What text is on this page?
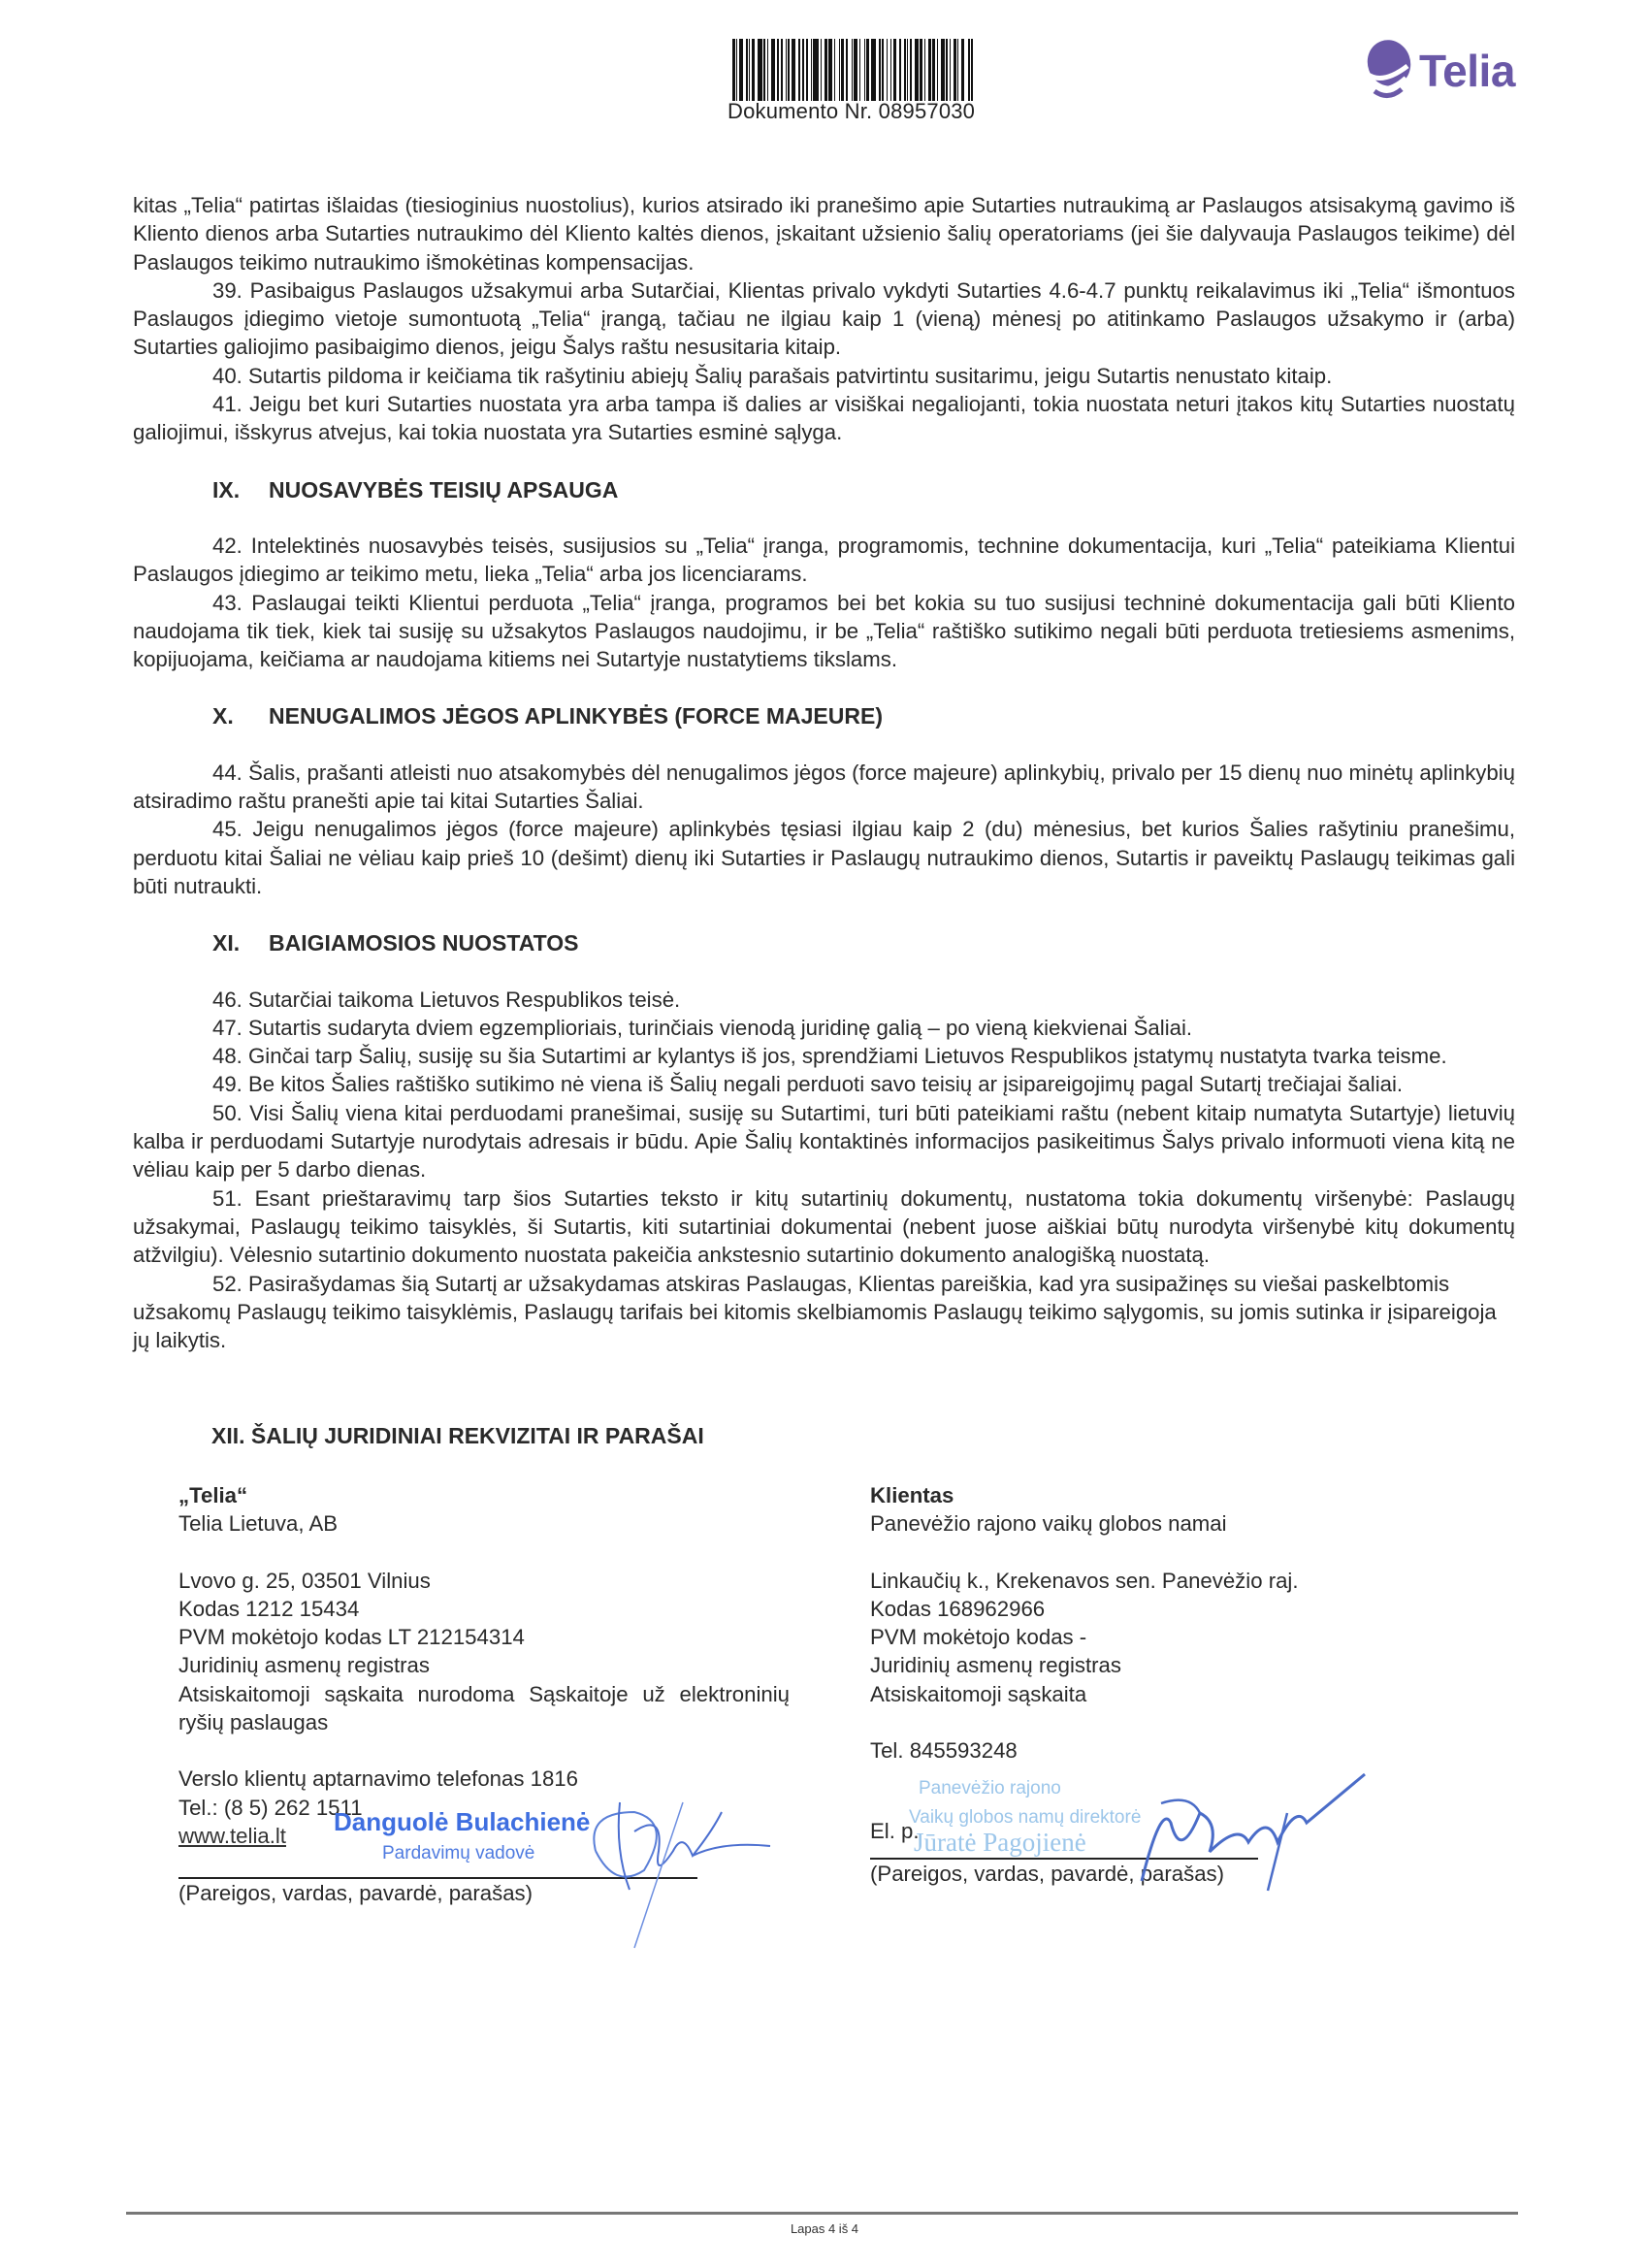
Dokumento Nr. 08957030
Telia

kitas „Telia“ patirtas išlaidas (tiesioginius nuostolius), kurios atsirado iki pranešimo apie Sutarties nutraukimą ar Paslaugos atsisakymą gavimo iš Kliento dienos arba Sutarties nutraukimo dėl Kliento kaltės dienos, įskaitant užsienio šalių operatoriams (jei šie dalyvauja Paslaugos teikime) dėl Paslaugos teikimo nutraukimo išmokėtinas kompensacijas.

39. Pasibaigus Paslaugos užsakymui arba Sutarčiai, Klientas privalo vykdyti Sutarties 4.6-4.7 punktų reikalavimus iki „Telia“ išmontuos Paslaugos įdiegimo vietoje sumontuotą „Telia“ įrangą, tačiau ne ilgiau kaip 1 (vieną) mėnesį po atitinkamo Paslaugos užsakymo ir (arba) Sutarties galiojimo pasibaigimo dienos, jeigu Šalys raštu nesusitaria kitaip.

40. Sutartis pildoma ir keičiama tik rašytiniu abiejų Šalių parašais patvirtintu susitarimu, jeigu Sutartis nenustato kitaip.

41. Jeigu bet kuri Sutarties nuostata yra arba tampa iš dalies ar visiškai negaliojanti, tokia nuostata neturi įtakos kitų Sutarties nuostatų galiojimui, išskyrus atvejus, kai tokia nuostata yra Sutarties esminė sąlyga.

IX. NUOSAVYBĖS TEISIŲ APSAUGA

42. Intelektinės nuosavybės teisės, susijusios su „Telia“ įranga, programomis, technine dokumentacija, kuri „Telia“ pateikiama Klientui Paslaugos įdiegimo ar teikimo metu, lieka „Telia“ arba jos licenciarams.

43. Paslaugai teikti Klientui perduota „Telia“ įranga, programos bei bet kokia su tuo susijusi techninė dokumentacija gali būti Kliento naudojama tik tiek, kiek tai susiję su užsakytos Paslaugos naudojimu, ir be „Telia“ raštiško sutikimo negali būti perduota tretiesiems asmenims, kopijuojama, keičiama ar naudojama kitiems nei Sutartyje nustatytiems tikslams.

X. NENUGALIMOS JĖGOS APLINKYBĖS (FORCE MAJEURE)

44. Šalis, prašanti atleisti nuo atsakomybės dėl nenugalimos jėgos (force majeure) aplinkybių, privalo per 15 dienų nuo minėtų aplinkybių atsiradimo raštu pranešti apie tai kitai Sutarties Šaliai.

45. Jeigu nenugalimos jėgos (force majeure) aplinkybės tęsiasi ilgiau kaip 2 (du) mėnesius, bet kurios Šalies rašytiniu pranešimu, perduotu kitai Šaliai ne vėliau kaip prieš 10 (dešimt) dienų iki Sutarties ir Paslaugų nutraukimo dienos, Sutartis ir paveiktų Paslaugų teikimas gali būti nutraukti.

XI. BAIGIAMOSIOS NUOSTATOS

46. Sutarčiai taikoma Lietuvos Respublikos teisė.

47. Sutartis sudaryta dviem egzemplioriais, turinčiais vienodą juridinę galią – po vieną kiekvienai Šaliai.

48. Ginčai tarp Šalių, susiję su šia Sutartimi ar kylantys iš jos, sprendžiami Lietuvos Respublikos įstatymų nustatyta tvarka teisme.

49. Be kitos Šalies raštiško sutikimo nė viena iš Šalių negali perduoti savo teisių ar įsipareigojimų pagal Sutartį trečiajai šaliai.

50. Visi Šalių viena kitai perduodami pranešimai, susiję su Sutartimi, turi būti pateikiami raštu (nebent kitaip numatyta Sutartyje) lietuvių kalba ir perduodami Sutartyje nurodytais adresais ir būdu. Apie Šalių kontaktinės informacijos pasikeitimus Šalys privalo informuoti viena kitą ne vėliau kaip per 5 darbo dienas.

51. Esant prieštaravimų tarp šios Sutarties teksto ir kitų sutartinių dokumentų, nustatoma tokia dokumentų viršenybė: Paslaugų užsakymai, Paslaugų teikimo taisyklės, ši Sutartis, kiti sutartiniai dokumentai (nebent juose aiškiai būtų nurodyta viršenybė kitų dokumentų atžvilgiu). Vėlesnio sutartinio dokumento nuostata pakeičia ankstesnio sutartinio dokumento analogišką nuostatą.

52. Pasirašydamas šią Sutartį ar užsakydamas atskiras Paslaugas, Klientas pareiškia, kad yra susipažinęs su viešai paskelbtomis užsakomų Paslaugų teikimo taisyklėmis, Paslaugų tarifais bei kitomis skelbiamomis Paslaugų teikimo sąlygomis, su jomis sutinka ir įsipareigoja jų laikytis.

XII. ŠALIŲ JURIDINIAI REKVIZITAI IR PARAŠAI
„Telia“
Telia Lietuva, AB
Lvovo g. 25, 03501 Vilnius
Kodas 1212 15434
PVM mokėtojo kodas LT 212154314
Juridinių asmenų registras
Atsiskaitomoji sąskaita nurodoma Sąskaitoje už elektroninių ryšių paslaugas
Verslo klientų aptarnavimo telefonas 1816
Tel.: (8 5) 262 1511
www.telia.lt Danguolė Bulachienė
Pardavimų vadovė
(Pareigos, vardas, pavardė, parašas)
Klientas
Panevėžio rajono vaikų globos namai
Linkaučių k., Krekenavos sen. Panevėžio raj.
Kodas 168962966
PVM mokėtojo kodas -
Juridinių asmenų registras
Atsiskaitomoji sąskaita
Tel. 845593248
Panevėžio rajono
El. p.
Vaikų globos namų direktorė
Jūratė Pagojienė
(Pareigos, vardas, pavardė, parašas)
Lapas 4 iš 4
